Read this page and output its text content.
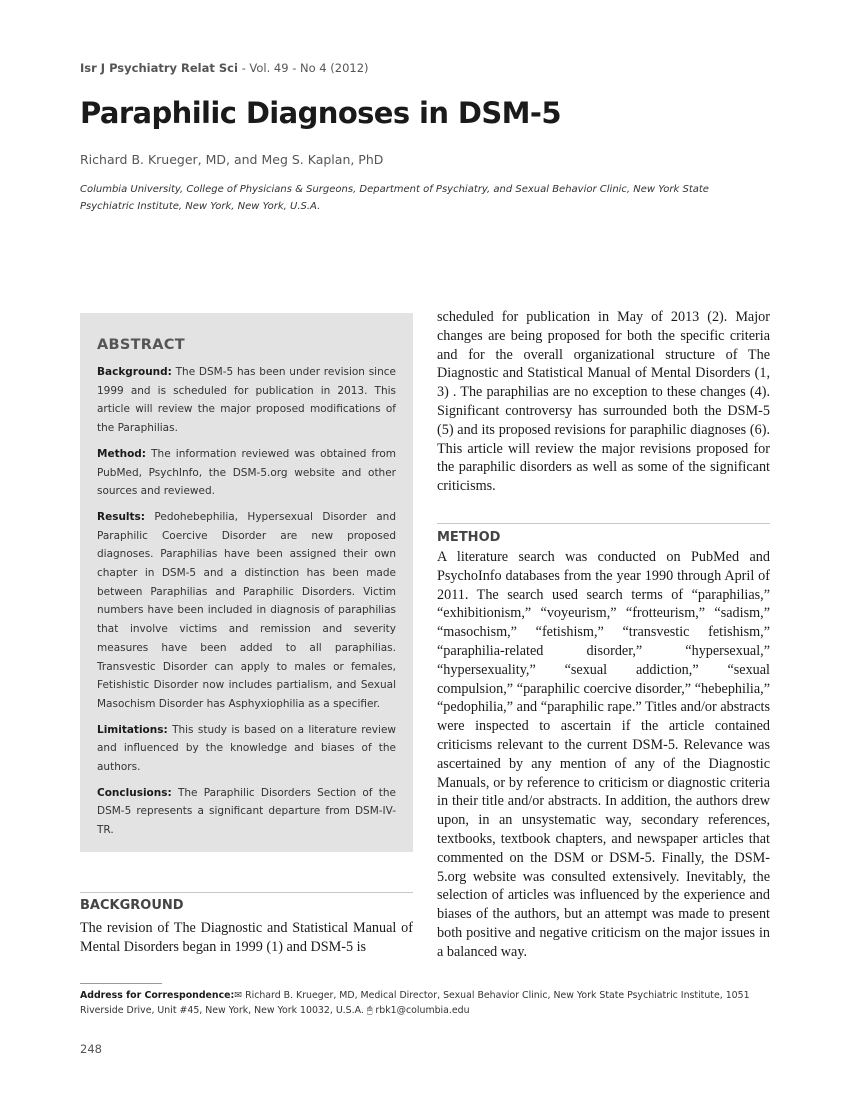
Isr J Psychiatry Relat Sci - Vol. 49 - No 4 (2012)
Paraphilic Diagnoses in DSM-5
Richard B. Krueger, MD, and Meg S. Kaplan, PhD
Columbia University, College of Physicians & Surgeons, Department of Psychiatry, and Sexual Behavior Clinic, New York State Psychiatric Institute, New York, New York, U.S.A.
ABSTRACT

Background: The DSM-5 has been under revision since 1999 and is scheduled for publication in 2013. This article will review the major proposed modifications of the Paraphilias.

Method: The information reviewed was obtained from PubMed, PsychInfo, the DSM-5.org website and other sources and reviewed.

Results: Pedohebephilia, Hypersexual Disorder and Paraphilic Coercive Disorder are new proposed diagnoses. Paraphilias have been assigned their own chapter in DSM-5 and a distinction has been made between Paraphilias and Paraphilic Disorders. Victim numbers have been included in diagnosis of paraphilias that involve victims and remission and severity measures have been added to all paraphilias. Transvestic Disorder can apply to males or females, Fetishistic Disorder now includes partialism, and Sexual Masochism Disorder has Asphyxiophilia as a specifier.

Limitations: This study is based on a literature review and influenced by the knowledge and biases of the authors.

Conclusions: The Paraphilic Disorders Section of the DSM-5 represents a significant departure from DSM-IV-TR.

scheduled for publication in May of 2013 (2). Major changes are being proposed for both the specific criteria and for the overall organizational structure of The Diagnostic and Statistical Manual of Mental Disorders (1, 3) . The paraphilias are no exception to these changes (4). Significant controversy has surrounded both the DSM-5 (5) and its proposed revisions for paraphilic diagnoses (6). This article will review the major revisions proposed for the paraphilic disorders as well as some of the significant criticisms.

METHOD

A literature search was conducted on PubMed and PsychoInfo databases from the year 1990 through April of 2011. The search used search terms of “paraphilias,” “exhibitionism,” “voyeurism,” “frotteurism,” “sadism,” “masochism,” “fetishism,” “transvestic fetishism,” “paraphilia-related disorder,” “hypersexual,” “hypersexuality,” “sexual addiction,” “sexual compulsion,” “paraphilic coercive disorder,” “hebephilia,” “pedophilia,” and “paraphilic rape.” Titles and/or abstracts were inspected to ascertain if the article contained criticisms relevant to the current DSM-5. Relevance was ascertained by any mention of any of the Diagnostic Manuals, or by reference to criticism or diagnostic criteria in their title and/or abstracts. In addition, the authors drew upon, in an unsystematic way, secondary references, textbooks, textbook chapters, and newspaper articles that commented on the DSM or DSM-5. Finally, the DSM-5.org website was consulted extensively. Inevitably, the selection of articles was influenced by the experience and biases of the authors, but an attempt was made to present both positive and negative criticism on the major issues in a balanced way.

BACKGROUND

The revision of The Diagnostic and Statistical Manual of Mental Disorders began in 1999 (1) and DSM-5 is

Address for Correspondence:✉ Richard B. Krueger, MD, Medical Director, Sexual Behavior Clinic, New York State Psychiatric Institute, 1051 Riverside Drive, Unit #45, New York, New York 10032, U.S.A. 🖱 rbk1@columbia.edu
248
